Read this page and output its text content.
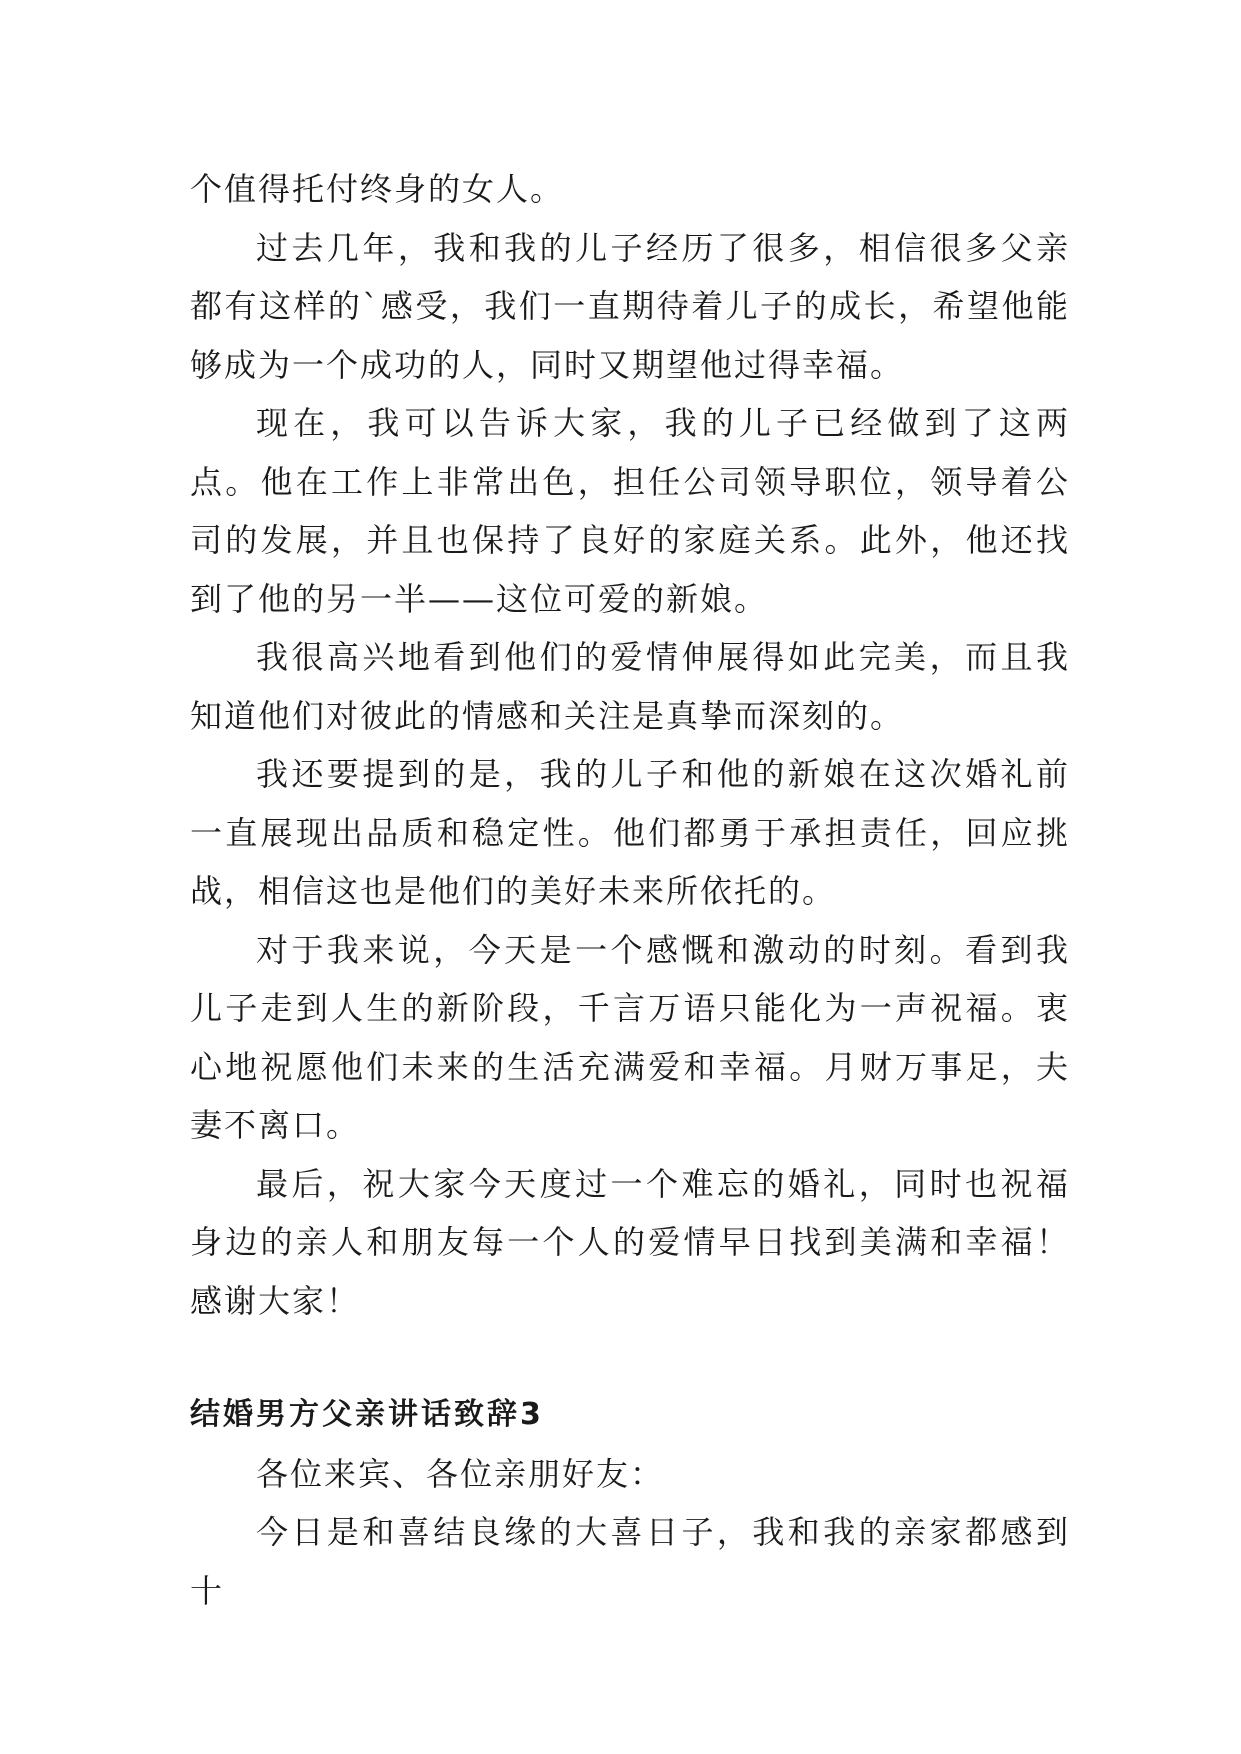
个值得托付终身的女人。

过去几年，我和我的儿子经历了很多，相信很多父亲都有这样的`感受，我们一直期待着儿子的成长，希望他能够成为一个成功的人，同时又期望他过得幸福。

现在，我可以告诉大家，我的儿子已经做到了这两点。他在工作上非常出色，担任公司领导职位，领导着公司的发展，并且也保持了良好的家庭关系。此外，他还找到了他的另一半——这位可爱的新娘。

我很高兴地看到他们的爱情伸展得如此完美，而且我知道他们对彼此的情感和关注是真挚而深刻的。

我还要提到的是，我的儿子和他的新娘在这次婚礼前一直展现出品质和稳定性。他们都勇于承担责任，回应挑战，相信这也是他们的美好未来所依托的。

对于我来说，今天是一个感慨和激动的时刻。看到我儿子走到人生的新阶段，千言万语只能化为一声祝福。衷心地祝愿他们未来的生活充满爱和幸福。月财万事足，夫妻不离口。

最后，祝大家今天度过一个难忘的婚礼，同时也祝福身边的亲人和朋友每一个人的爱情早日找到美满和幸福！感谢大家！

结婚男方父亲讲话致辞3

各位来宾、各位亲朋好友：

今日是和喜结良缘的大喜日子，我和我的亲家都感到十
